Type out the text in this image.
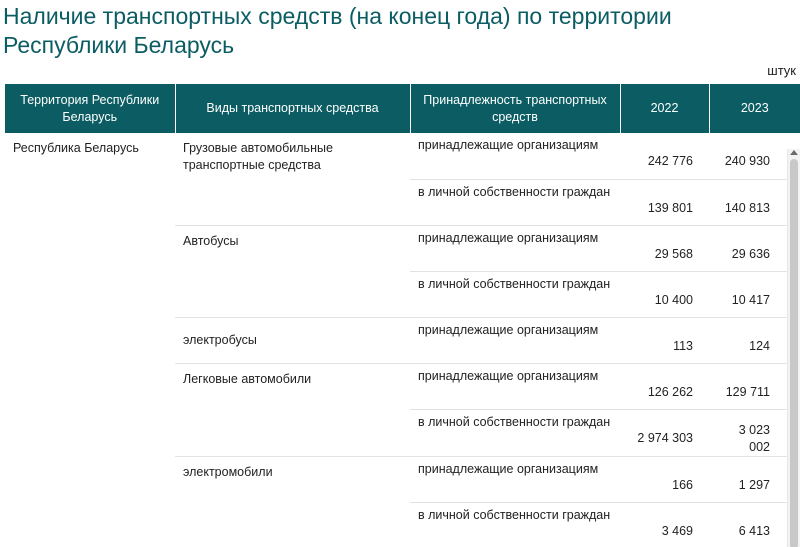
Наличие транспортных средств (на конец года) по территории Республики Беларусь
штук
Территория Республики Беларусь	Виды транспортных средства	Принадлежность транспортных средств	2022	2023
Республика Беларусь	Грузовые автомобильные транспортные средства	принадлежащие организациям	242 776	240 930
		в личной собственности граждан	139 801	140 813
	Автобусы	принадлежащие организациям	29 568	29 636
		в личной собственности граждан	10 400	10 417
	электробусы	принадлежащие организациям	113	124
	Легковые автомобили	принадлежащие организациям	126 262	129 711
		в личной собственности граждан	2 974 303	3 023 002
	электромобили	принадлежащие организациям	166	1 297
		в личной собственности граждан	3 469	6 413
